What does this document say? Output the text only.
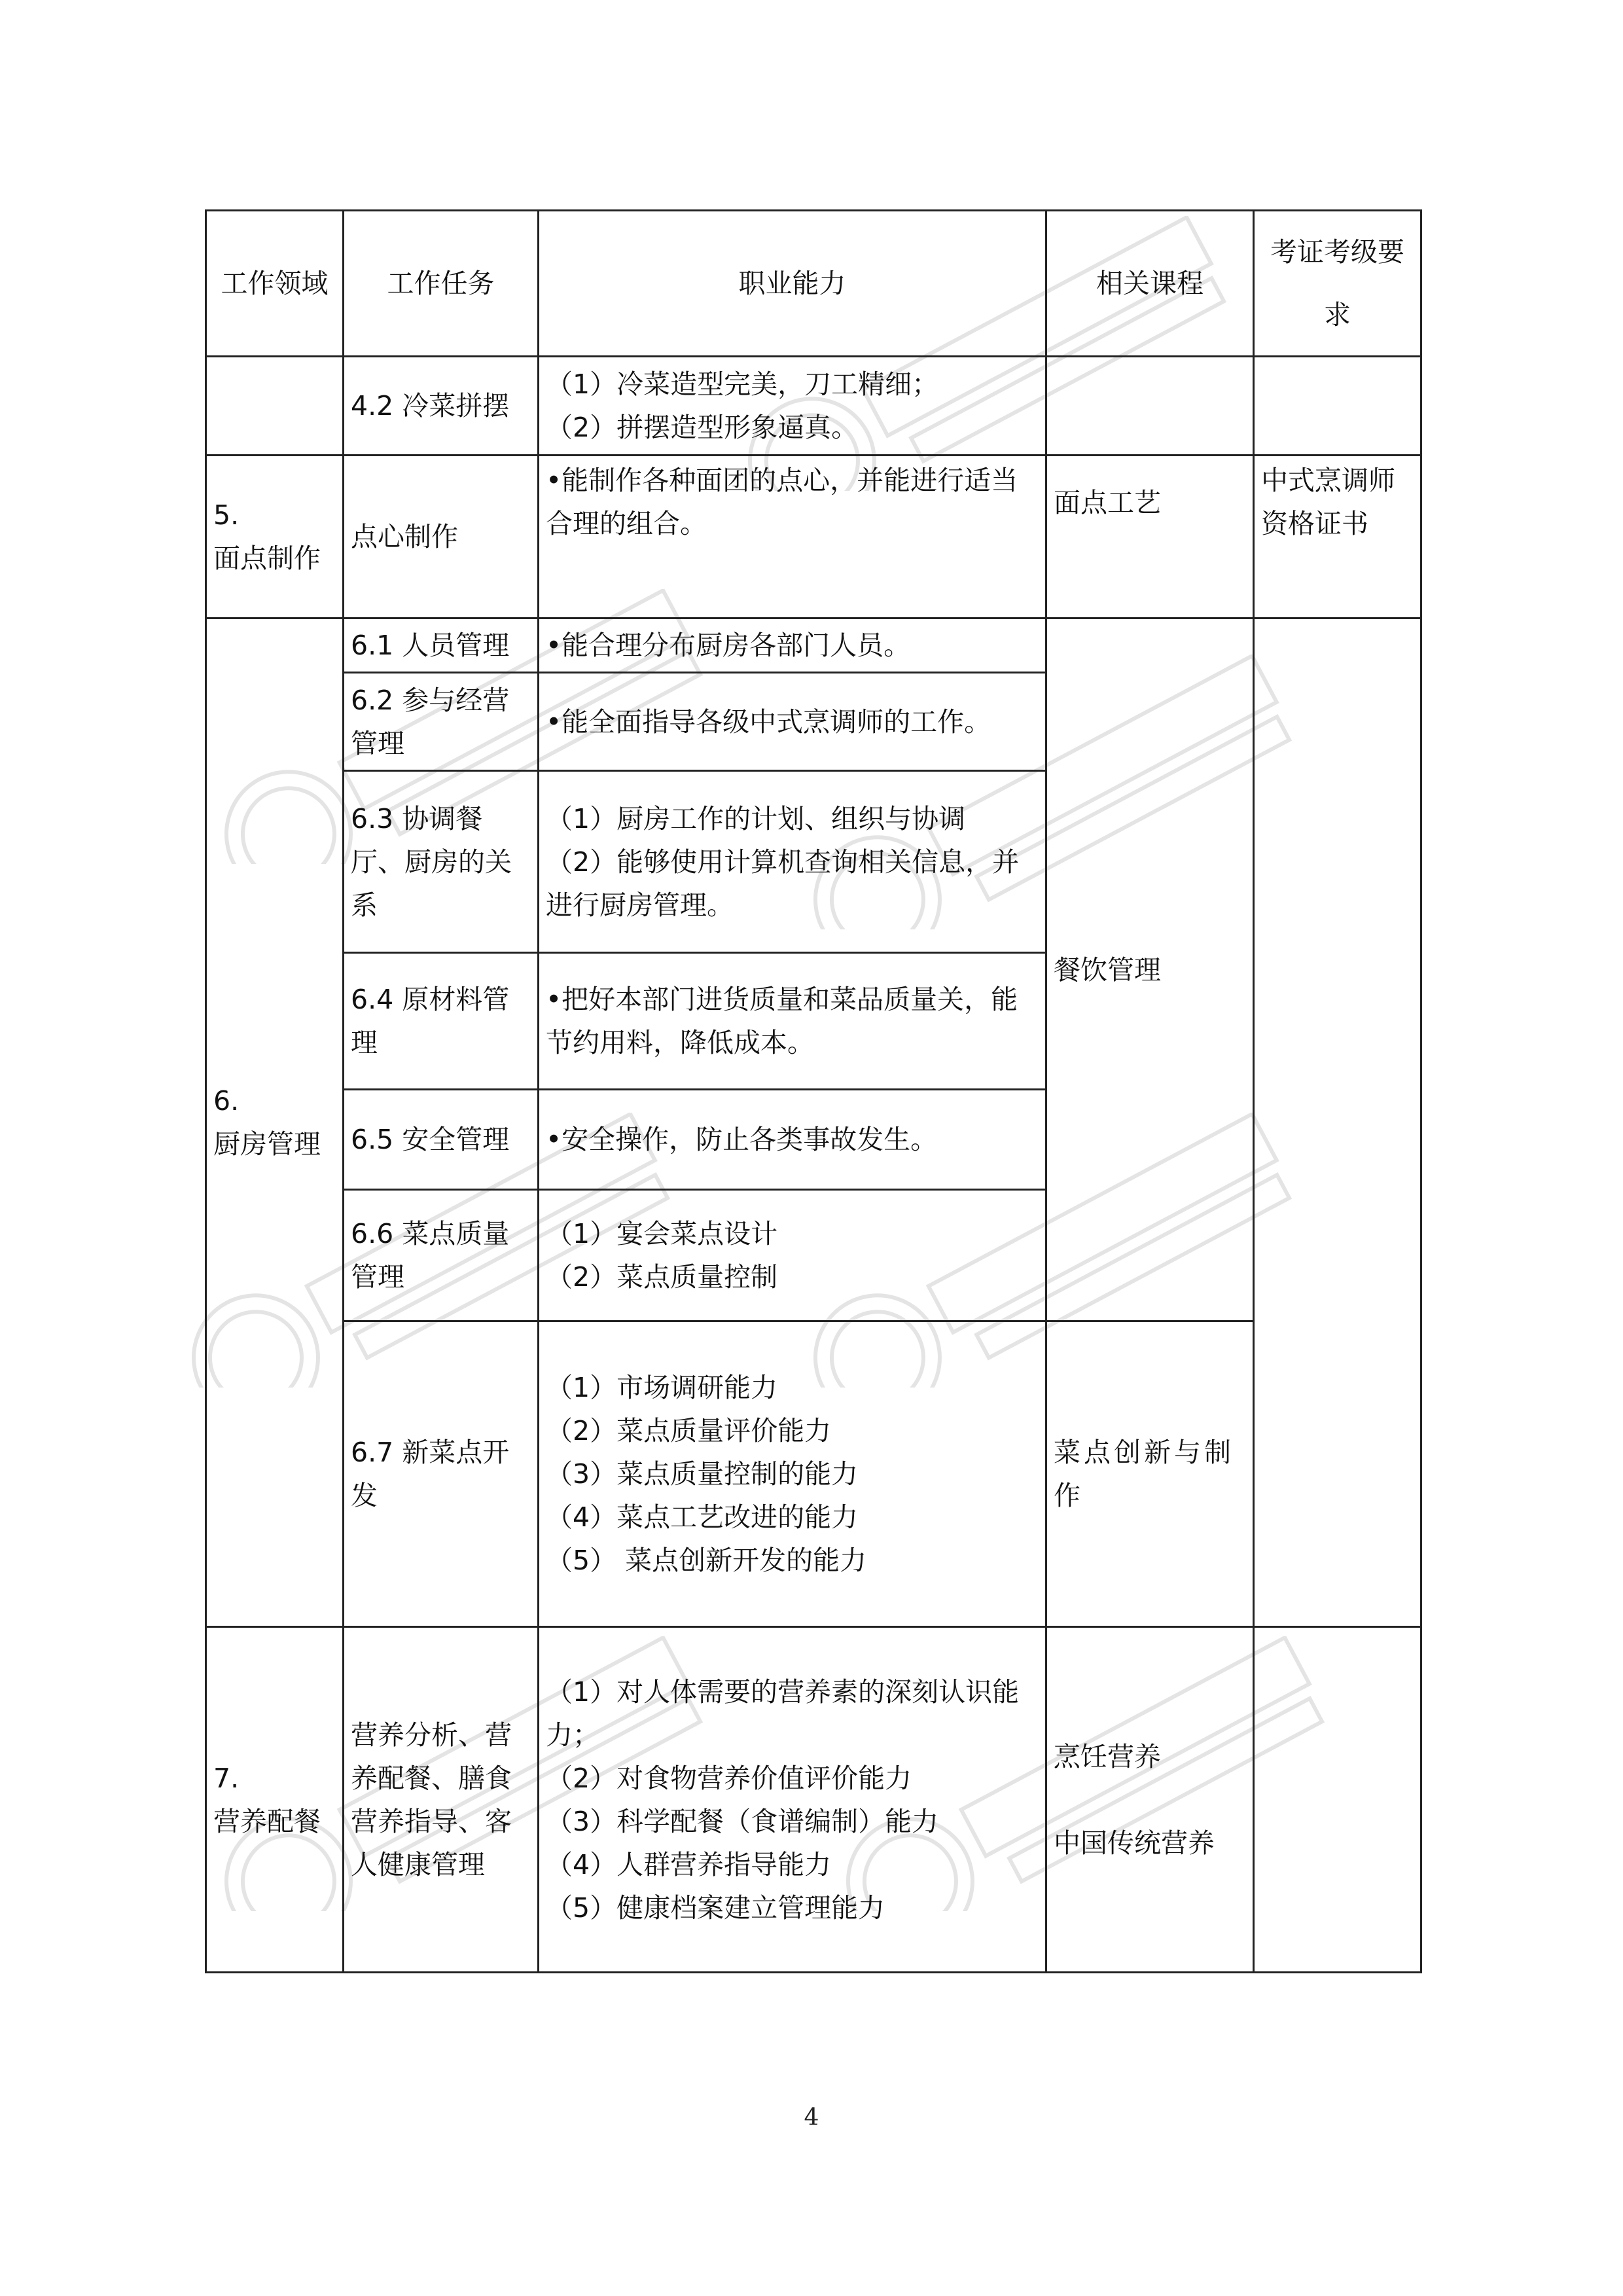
工作领域	工作任务	职业能力	相关课程	考证考级要求
	4.2 冷菜拼摆	（1）冷菜造型完美，刀工精细；
（2）拼摆造型形象逼真。		

5.
面点制作	点心制作	•能制作各种面团的点心，并能进行适当合理的组合。	面点工艺	中式烹调师资格证书

6.
厨房管理	6.1 人员管理	•能合理分布厨房各部门人员。	餐饮管理	
	6.2 参与经营管理	•能全面指导各级中式烹调师的工作。		

	6.3 协调餐厅、厨房的关系	（1）厨房工作的计划、组织与协调
（2）能够使用计算机查询相关信息，并进行厨房管理。		

	6.4 原材料管理	•把好本部门进货质量和菜品质量关，能节约用料，降低成本。		

	6.5 安全管理	•安全操作，防止各类事故发生。		

	6.6 菜点质量管理	（1）宴会菜点设计
（2）菜点质量控制		

	6.7 新菜点开发	（1）市场调研能力
（2）菜点质量评价能力
（3）菜点质量控制的能力
（4）菜点工艺改进的能力
（5） 菜点创新开发的能力	菜点创新与制作	

7.
营养配餐	营养分析、营养配餐、膳食营养指导、客人健康管理	（1）对人体需要的营养素的深刻认识能力；
（2）对食物营养价值评价能力
（3）科学配餐（食谱编制）能力
（4）人群营养指导能力
（5）健康档案建立管理能力	烹饪营养
中国传统营养	

4
